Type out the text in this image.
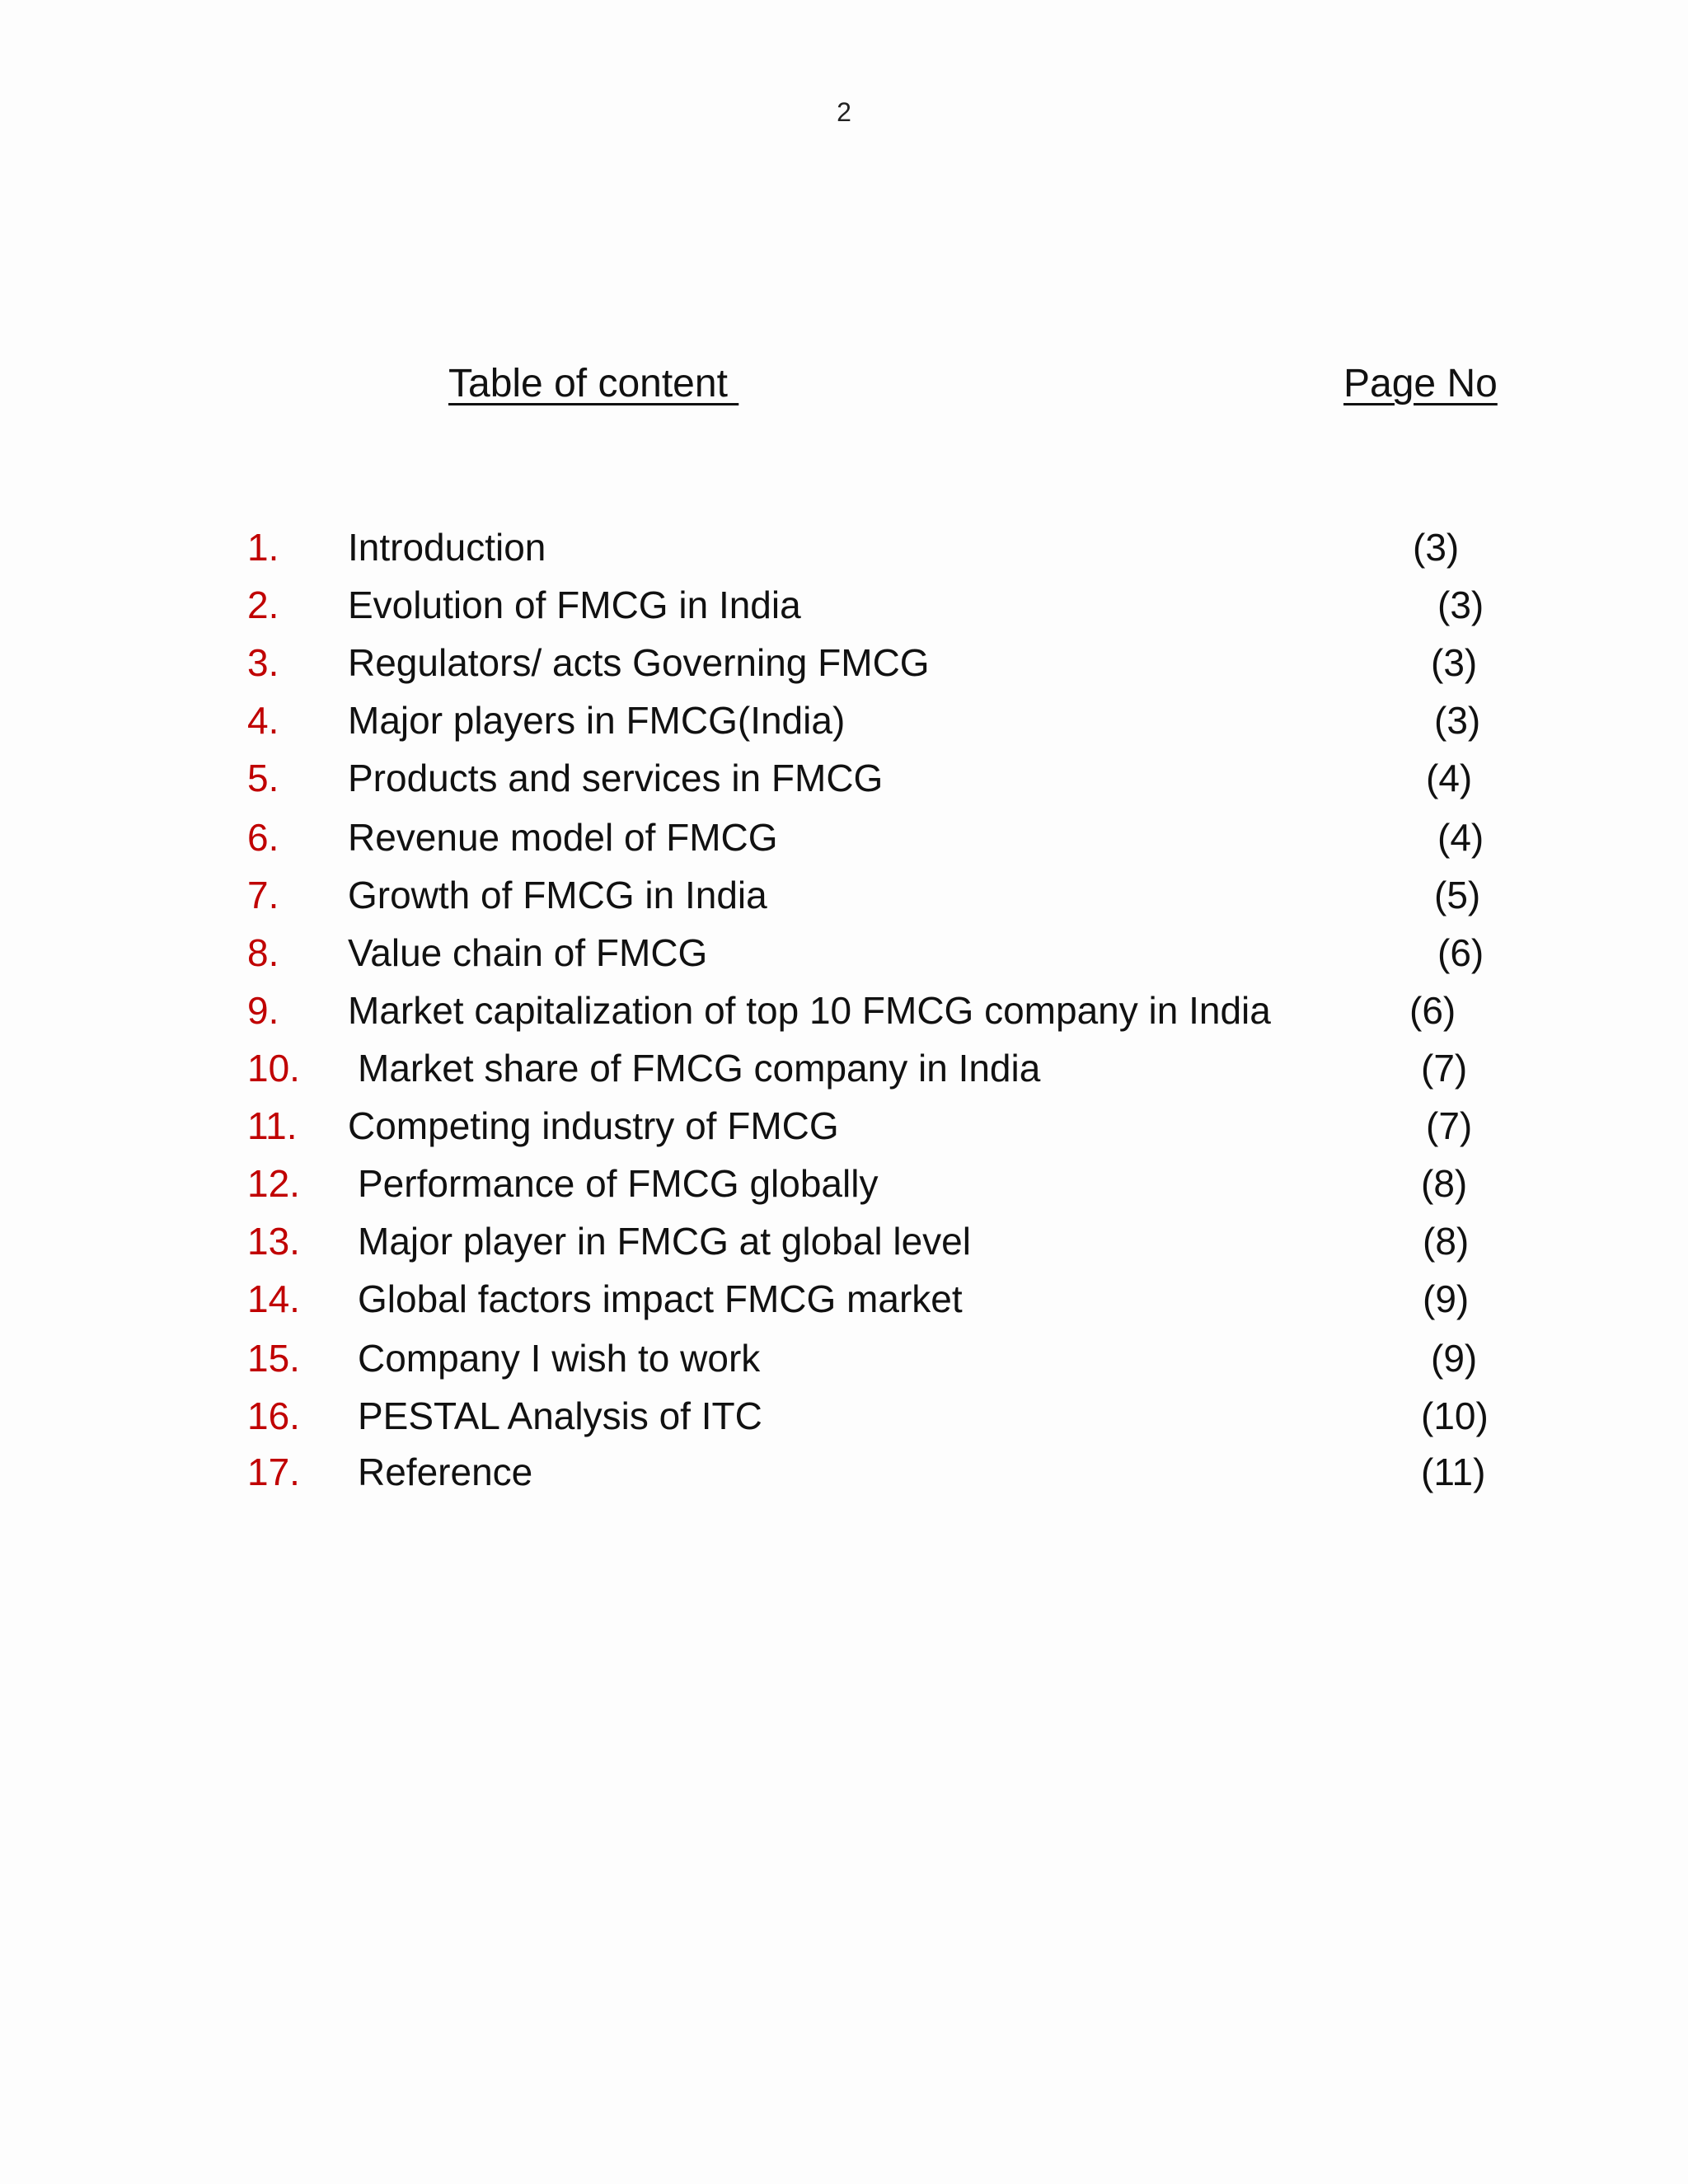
2
Table of content	Page No
1. Introduction	(3)
2. Evolution of FMCG in India	(3)
3. Regulators/ acts Governing FMCG	(3)
4. Major players in FMCG(India)	(3)
5. Products and services in FMCG	(4)
6. Revenue model of FMCG	(4)
7. Growth of FMCG in India	(5)
8. Value chain of FMCG	(6)
9. Market capitalization of top 10 FMCG company in India	(6)
10. Market share of FMCG company in India	(7)
11. Competing industry of FMCG	(7)
12. Performance of FMCG globally	(8)
13. Major player in FMCG at global level	(8)
14. Global factors impact FMCG market	(9)
15. Company I wish to work	(9)
16. PESTAL Analysis of ITC	(10)
17. Reference	(11)
